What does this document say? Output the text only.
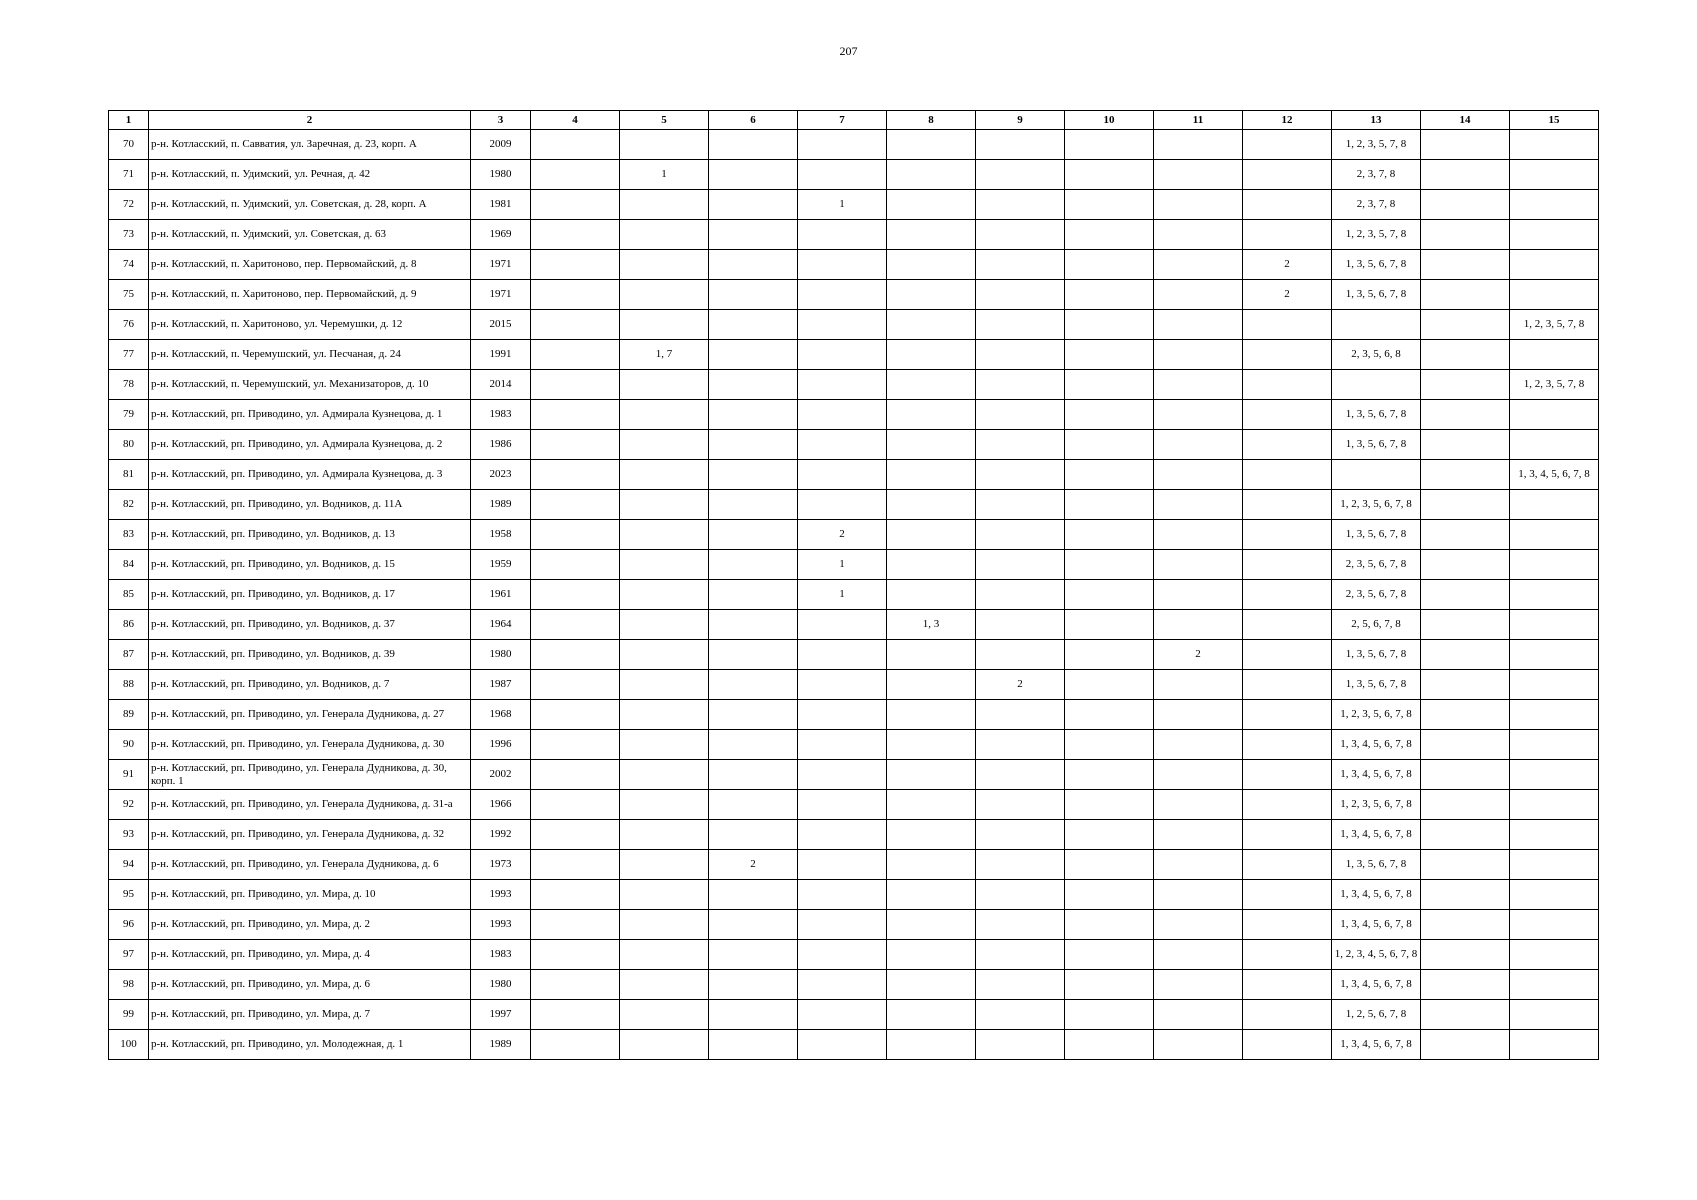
207
1	2	3	4	5	6	7	8	9	10	11	12	13	14	15
70	р-н. Котласский, п. Савватия, ул. Заречная, д. 23, корп. А	2009										1, 2, 3, 5, 7, 8		
71	р-н. Котласский, п. Удимский, ул. Речная, д. 42	1980		1								2, 3, 7, 8		
72	р-н. Котласский, п. Удимский, ул. Советская, д. 28, корп. А	1981				1						2, 3, 7, 8		
73	р-н. Котласский, п. Удимский, ул. Советская, д. 63	1969										1, 2, 3, 5, 7, 8		
74	р-н. Котласский, п. Харитоново, пер. Первомайский, д. 8	1971									2	1, 3, 5, 6, 7, 8		
75	р-н. Котласский, п. Харитоново, пер. Первомайский, д. 9	1971									2	1, 3, 5, 6, 7, 8		
76	р-н. Котласский, п. Харитоново, ул. Черемушки, д. 12	2015												1, 2, 3, 5, 7, 8
77	р-н. Котласский, п. Черемушский, ул. Песчаная, д. 24	1991		1, 7								2, 3, 5, 6, 8		
78	р-н. Котласский, п. Черемушский, ул. Механизаторов, д. 10	2014												1, 2, 3, 5, 7, 8
79	р-н. Котласский, рп. Приводино, ул. Адмирала Кузнецова, д. 1	1983										1, 3, 5, 6, 7, 8		
80	р-н. Котласский, рп. Приводино, ул. Адмирала Кузнецова, д. 2	1986										1, 3, 5, 6, 7, 8		
81	р-н. Котласский, рп. Приводино, ул. Адмирала Кузнецова, д. 3	2023												1, 3, 4, 5, 6, 7, 8
82	р-н. Котласский, рп. Приводино, ул. Водников, д. 11А	1989										1, 2, 3, 5, 6, 7, 8		
83	р-н. Котласский, рп. Приводино, ул. Водников, д. 13	1958				2						1, 3, 5, 6, 7, 8		
84	р-н. Котласский, рп. Приводино, ул. Водников, д. 15	1959				1						2, 3, 5, 6, 7, 8		
85	р-н. Котласский, рп. Приводино, ул. Водников, д. 17	1961				1						2, 3, 5, 6, 7, 8		
86	р-н. Котласский, рп. Приводино, ул. Водников, д. 37	1964					1, 3					2, 5, 6, 7, 8		
87	р-н. Котласский, рп. Приводино, ул. Водников, д. 39	1980								2		1, 3, 5, 6, 7, 8		
88	р-н. Котласский, рп. Приводино, ул. Водников, д. 7	1987						2				1, 3, 5, 6, 7, 8		
89	р-н. Котласский, рп. Приводино, ул. Генерала Дудникова, д. 27	1968										1, 2, 3, 5, 6, 7, 8		
90	р-н. Котласский, рп. Приводино, ул. Генерала Дудникова, д. 30	1996										1, 3, 4, 5, 6, 7, 8		
91	р-н. Котласский, рп. Приводино, ул. Генерала Дудникова, д. 30, корп. 1	2002										1, 3, 4, 5, 6, 7, 8		
92	р-н. Котласский, рп. Приводино, ул. Генерала Дудникова, д. 31-а	1966										1, 2, 3, 5, 6, 7, 8		
93	р-н. Котласский, рп. Приводино, ул. Генерала Дудникова, д. 32	1992										1, 3, 4, 5, 6, 7, 8		
94	р-н. Котласский, рп. Приводино, ул. Генерала Дудникова, д. 6	1973			2							1, 3, 5, 6, 7, 8		
95	р-н. Котласский, рп. Приводино, ул. Мира, д. 10	1993										1, 3, 4, 5, 6, 7, 8		
96	р-н. Котласский, рп. Приводино, ул. Мира, д. 2	1993										1, 3, 4, 5, 6, 7, 8		
97	р-н. Котласский, рп. Приводино, ул. Мира, д. 4	1983										1, 2, 3, 4, 5, 6, 7, 8		
98	р-н. Котласский, рп. Приводино, ул. Мира, д. 6	1980										1, 3, 4, 5, 6, 7, 8		
99	р-н. Котласский, рп. Приводино, ул. Мира, д. 7	1997										1, 2, 5, 6, 7, 8		
100	р-н. Котласский, рп. Приводино, ул. Молодежная, д. 1	1989										1, 3, 4, 5, 6, 7, 8		
